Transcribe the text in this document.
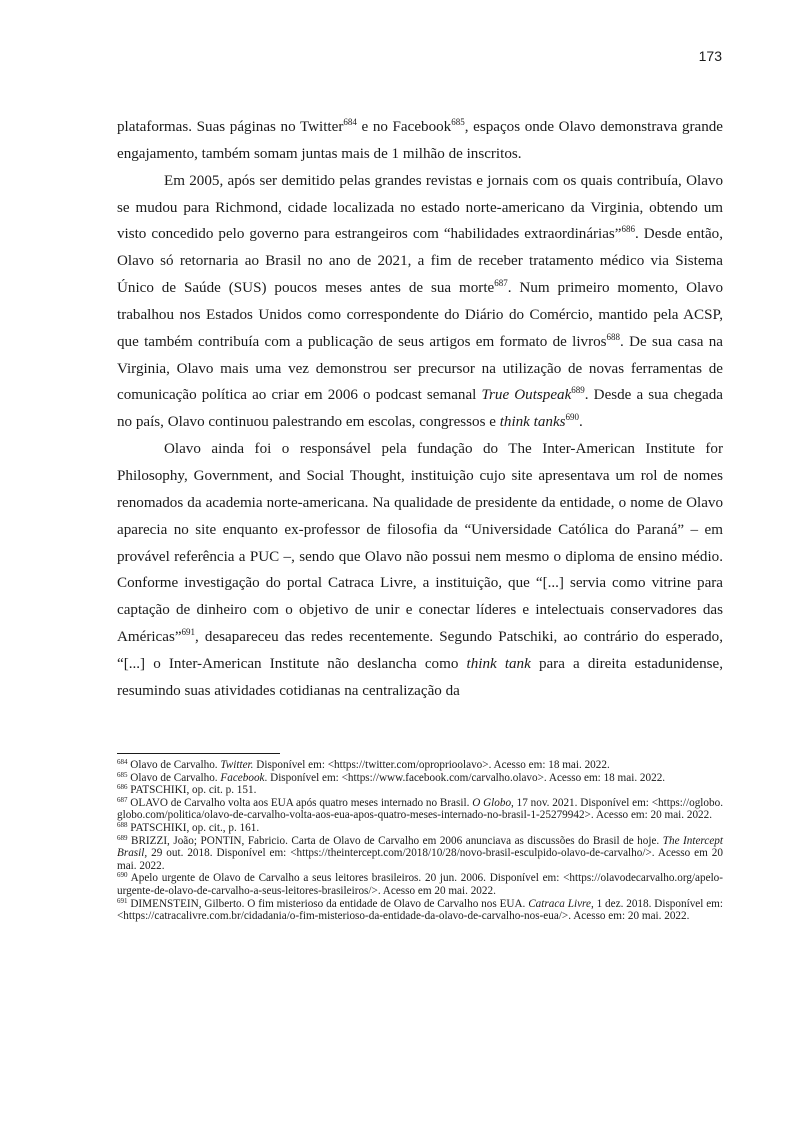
173

plataformas. Suas páginas no Twitter$^{684}$ e no Facebook$^{685}$, espaços onde Olavo demonstrava grande engajamento, também somam juntas mais de 1 milhão de inscritos.

Em 2005, após ser demitido pelas grandes revistas e jornais com os quais contribuía, Olavo se mudou para Richmond, cidade localizada no estado norte-americano da Virginia, obtendo um visto concedido pelo governo para estrangeiros com “habilidades extraordinárias”$^{686}$. Desde então, Olavo só retornaria ao Brasil no ano de 2021, a fim de receber tratamento médico via Sistema Único de Saúde (SUS) poucos meses antes de sua morte$^{687}$. Num primeiro momento, Olavo trabalhou nos Estados Unidos como correspondente do Diário do Comércio, mantido pela ACSP, que também contribuía com a publicação de seus artigos em formato de livros$^{688}$. De sua casa na Virginia, Olavo mais uma vez demonstrou ser precursor na utilização de novas ferramentas de comunicação política ao criar em 2006 o podcast semanal True Outspeak$^{689}$. Desde a sua chegada no país, Olavo continuou palestrando em escolas, congressos e think tanks$^{690}$.

Olavo ainda foi o responsável pela fundação do The Inter-American Institute for Philosophy, Government, and Social Thought, instituição cujo site apresentava um rol de nomes renomados da academia norte-americana. Na qualidade de presidente da entidade, o nome de Olavo aparecia no site enquanto ex-professor de filosofia da “Universidade Católica do Paraná” – em provável referência a PUC –, sendo que Olavo não possui nem mesmo o diploma de ensino médio. Conforme investigação do portal Catraca Livre, a instituição, que “[...] servia como vitrine para captação de dinheiro com o objetivo de unir e conectar líderes e intelectuais conservadores das Américas”$^{691}$, desapareceu das redes recentemente. Segundo Patschiki, ao contrário do esperado, “[...] o Inter-American Institute não deslancha como think tank para a direita estadunidense, resumindo suas atividades cotidianas na centralização da

$^{684}$ Olavo de Carvalho. Twitter. Disponível em: <https://twitter.com/oproprioolavo>. Acesso em: 18 mai. 2022.

$^{685}$ Olavo de Carvalho. Facebook. Disponível em: <https://www.facebook.com/carvalho.olavo>. Acesso em: 18 mai. 2022.

$^{686}$ PATSCHIKI, op. cit. p. 151.

$^{687}$ OLAVO de Carvalho volta aos EUA após quatro meses internado no Brasil. O Globo, 17 nov. 2021. Disponível em: <https://oglobo.globo.com/politica/olavo-de-carvalho-volta-aos-eua-apos-quatro-meses-internado-no-brasil-1-25279942>. Acesso em: 20 mai. 2022.

$^{688}$ PATSCHIKI, op. cit., p. 161.

$^{689}$ BRIZZI, João; PONTIN, Fabricio. Carta de Olavo de Carvalho em 2006 anunciava as discussões do Brasil de hoje. The Intercept Brasil, 29 out. 2018. Disponível em: <https://theintercept.com/2018/10/28/novo-brasil-esculpido-olavo-de-carvalho/>. Acesso em 20 mai. 2022.

$^{690}$ Apelo urgente de Olavo de Carvalho a seus leitores brasileiros. 20 jun. 2006. Disponível em: <https://olavodecarvalho.org/apelo-urgente-de-olavo-de-carvalho-a-seus-leitores-brasileiros/>. Acesso em 20 mai. 2022.

$^{691}$ DIMENSTEIN, Gilberto. O fim misterioso da entidade de Olavo de Carvalho nos EUA. Catraca Livre, 1 dez. 2018. Disponível em: <https://catracalivre.com.br/cidadania/o-fim-misterioso-da-entidade-da-olavo-de-carvalho-nos-eua/>. Acesso em: 20 mai. 2022.
